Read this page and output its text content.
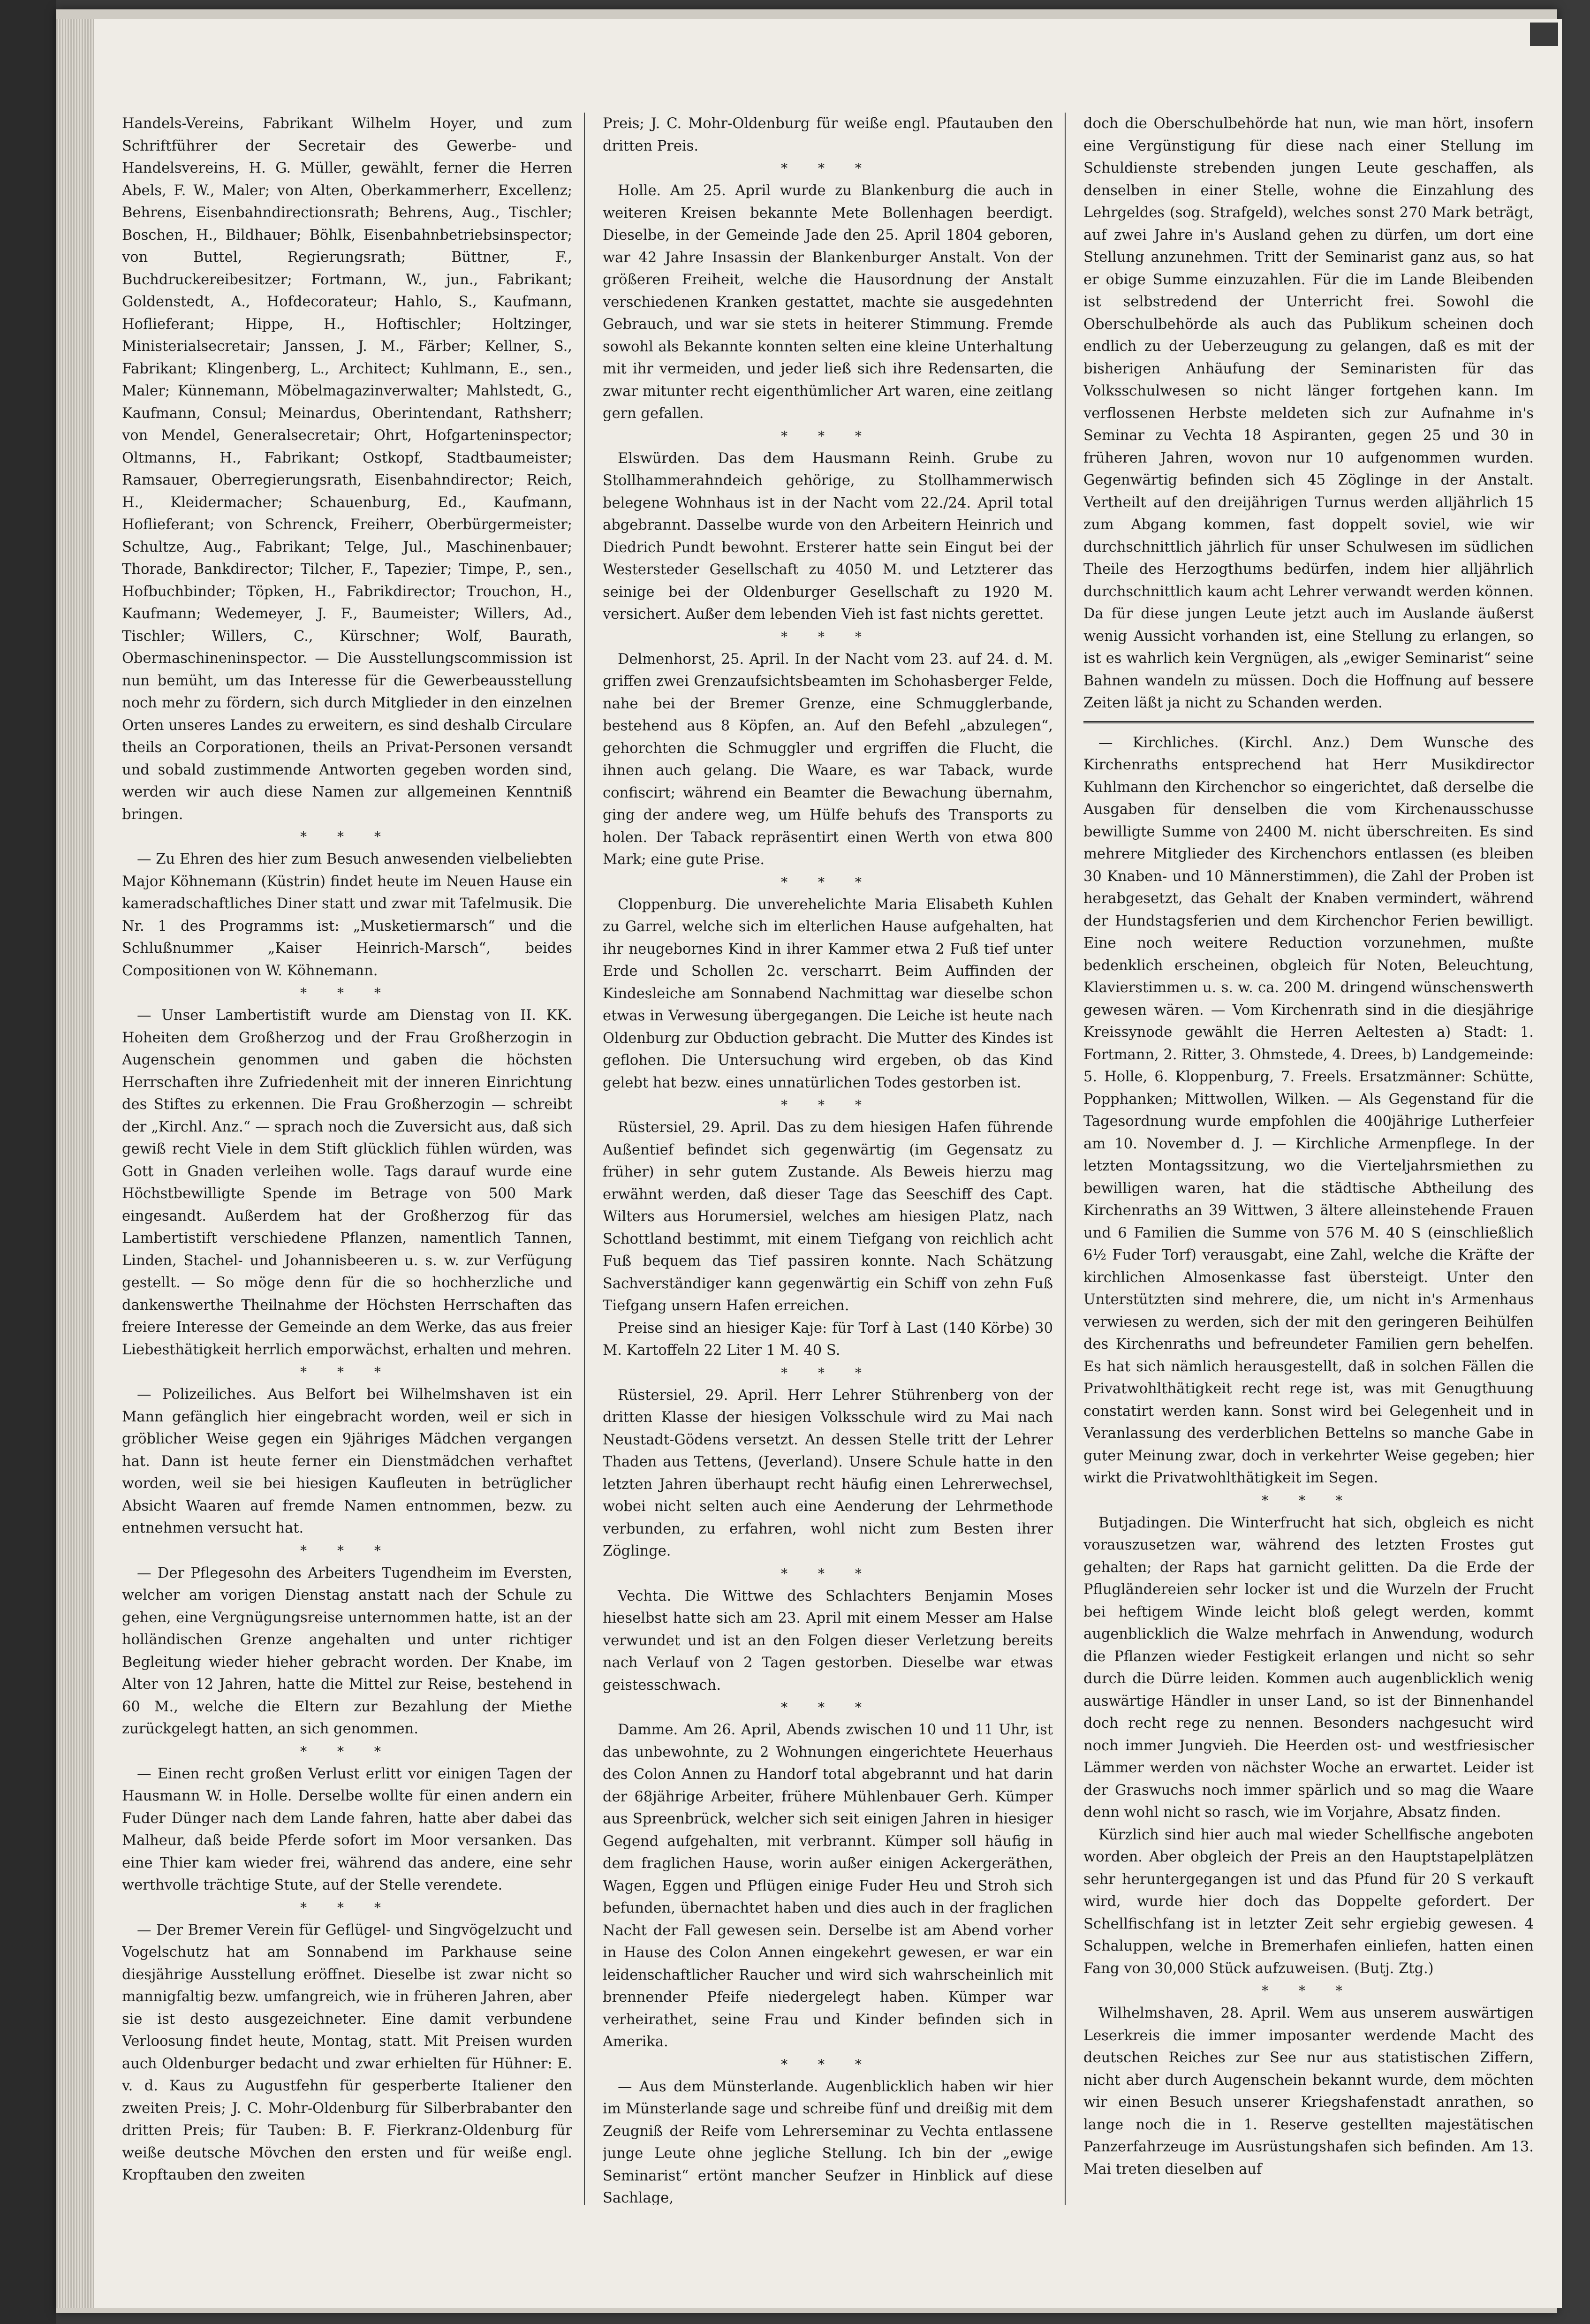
Handels-Vereins, Fabrikant Wilhelm Hoyer, und zum Schriftführer der Secretair des Gewerbe- und Handelsvereins, H. G. Müller, gewählt, ferner die Herren Abels, F. W., Maler; von Alten, Oberkammerherr, Excellenz; Behrens, Eisenbahndirectionsrath; Behrens, Aug., Tischler; Boschen, H., Bildhauer; Böhlk, Eisenbahnbetriebsinspector; von Buttel, Regierungsrath; Büttner, F., Buchdruckereibesitzer; Fortmann, W., jun., Fabrikant; Goldenstedt, A., Hofdecorateur; Hahlo, S., Kaufmann, Hoflieferant; Hippe, H., Hoftischler; Holtzinger, Ministerialsecretair; Janssen, J. M., Färber; Kellner, S., Fabrikant; Klingenberg, L., Architect; Kuhlmann, E., sen., Maler; Künnemann, Möbelmagazinverwalter; Mahlstedt, G., Kaufmann, Consul; Meinardus, Oberintendant, Rathsherr; von Mendel, Generalsecretair; Ohrt, Hofgarteninspector; Oltmanns, H., Fabrikant; Ostkopf, Stadtbaumeister; Ramsauer, Oberregierungsrath, Eisenbahndirector; Reich, H., Kleidermacher; Schauenburg, Ed., Kaufmann, Hoflieferant; von Schrenck, Freiherr, Oberbürgermeister; Schultze, Aug., Fabrikant; Telge, Jul., Maschinenbauer; Thorade, Bankdirector; Tilcher, F., Tapezier; Timpe, P., sen., Hofbuchbinder; Töpken, H., Fabrikdirector; Trouchon, H., Kaufmann; Wedemeyer, J. F., Baumeister; Willers, Ad., Tischler; Willers, C., Kürschner; Wolf, Baurath, Obermaschineninspector. — Die Ausstellungscommission ist nun bemüht, um das Interesse für die Gewerbeausstellung noch mehr zu fördern, sich durch Mitglieder in den einzelnen Orten unseres Landes zu erweitern, es sind deshalb Circulare theils an Corporationen, theils an Privat-Personen versandt und sobald zustimmende Antworten gegeben worden sind, werden wir auch diese Namen zur allgemeinen Kenntniß bringen.

* * *

— Zu Ehren des hier zum Besuch anwesenden vielbeliebten Major Köhnemann (Küstrin) findet heute im Neuen Hause ein kameradschaftliches Diner statt und zwar mit Tafelmusik. Die Nr. 1 des Programms ist: „Musketiermarsch“ und die Schlußnummer „Kaiser Heinrich-Marsch“, beides Compositionen von W. Köhnemann.

* * *

— Unser Lambertistift wurde am Dienstag von II. KK. Hoheiten dem Großherzog und der Frau Großherzogin in Augenschein genommen und gaben die höchsten Herrschaften ihre Zufriedenheit mit der inneren Einrichtung des Stiftes zu erkennen. Die Frau Großherzogin — schreibt der „Kirchl. Anz.“ — sprach noch die Zuversicht aus, daß sich gewiß recht Viele in dem Stift glücklich fühlen würden, was Gott in Gnaden verleihen wolle. Tags darauf wurde eine Höchstbewilligte Spende im Betrage von 500 Mark eingesandt. Außerdem hat der Großherzog für das Lambertistift verschiedene Pflanzen, namentlich Tannen, Linden, Stachel- und Johannisbeeren u. s. w. zur Verfügung gestellt. — So möge denn für die so hochherzliche und dankenswerthe Theilnahme der Höchsten Herrschaften das freiere Interesse der Gemeinde an dem Werke, das aus freier Liebesthätigkeit herrlich emporwächst, erhalten und mehren.

* * *

— Polizeiliches. Aus Belfort bei Wilhelmshaven ist ein Mann gefänglich hier eingebracht worden, weil er sich in gröblicher Weise gegen ein 9jähriges Mädchen vergangen hat. Dann ist heute ferner ein Dienstmädchen verhaftet worden, weil sie bei hiesigen Kaufleuten in betrüglicher Absicht Waaren auf fremde Namen entnommen, bezw. zu entnehmen versucht hat.

* * *

— Der Pflegesohn des Arbeiters Tugendheim im Eversten, welcher am vorigen Dienstag anstatt nach der Schule zu gehen, eine Vergnügungsreise unternommen hatte, ist an der holländischen Grenze angehalten und unter richtiger Begleitung wieder hieher gebracht worden. Der Knabe, im Alter von 12 Jahren, hatte die Mittel zur Reise, bestehend in 60 M., welche die Eltern zur Bezahlung der Miethe zurückgelegt hatten, an sich genommen.

* * *

— Einen recht großen Verlust erlitt vor einigen Tagen der Hausmann W. in Holle. Derselbe wollte für einen andern ein Fuder Dünger nach dem Lande fahren, hatte aber dabei das Malheur, daß beide Pferde sofort im Moor versanken. Das eine Thier kam wieder frei, während das andere, eine sehr werthvolle trächtige Stute, auf der Stelle verendete.

* * *

— Der Bremer Verein für Geflügel- und Singvögelzucht und Vogelschutz hat am Sonnabend im Parkhause seine diesjährige Ausstellung eröffnet. Dieselbe ist zwar nicht so mannigfaltig bezw. umfangreich, wie in früheren Jahren, aber sie ist desto ausgezeichneter. Eine damit verbundene Verloosung findet heute, Montag, statt. Mit Preisen wurden auch Oldenburger bedacht und zwar erhielten für Hühner: E. v. d. Kaus zu Augustfehn für gesperberte Italiener den zweiten Preis; J. C. Mohr-Oldenburg für Silberbrabanter den dritten Preis; für Tauben: B. F. Fierkranz-Oldenburg für weiße deutsche Mövchen den ersten und für weiße engl. Kropftauben den zweiten

Preis; J. C. Mohr-Oldenburg für weiße engl. Pfautauben den dritten Preis.

* * *

Holle. Am 25. April wurde zu Blankenburg die auch in weiteren Kreisen bekannte Mete Bollenhagen beerdigt. Dieselbe, in der Gemeinde Jade den 25. April 1804 geboren, war 42 Jahre Insassin der Blankenburger Anstalt. Von der größeren Freiheit, welche die Hausordnung der Anstalt verschiedenen Kranken gestattet, machte sie ausgedehnten Gebrauch, und war sie stets in heiterer Stimmung. Fremde sowohl als Bekannte konnten selten eine kleine Unterhaltung mit ihr vermeiden, und jeder ließ sich ihre Redensarten, die zwar mitunter recht eigenthümlicher Art waren, eine zeitlang gern gefallen.

* * *

Elswürden. Das dem Hausmann Reinh. Grube zu Stollhammerahndeich gehörige, zu Stollhammerwisch belegene Wohnhaus ist in der Nacht vom 22./24. April total abgebrannt. Dasselbe wurde von den Arbeitern Heinrich und Diedrich Pundt bewohnt. Ersterer hatte sein Eingut bei der Westersteder Gesellschaft zu 4050 M. und Letzterer das seinige bei der Oldenburger Gesellschaft zu 1920 M. versichert. Außer dem lebenden Vieh ist fast nichts gerettet.

* * *

Delmenhorst, 25. April. In der Nacht vom 23. auf 24. d. M. griffen zwei Grenzaufsichtsbeamten im Schohasberger Felde, nahe bei der Bremer Grenze, eine Schmugglerbande, bestehend aus 8 Köpfen, an. Auf den Befehl „abzulegen“, gehorchten die Schmuggler und ergriffen die Flucht, die ihnen auch gelang. Die Waare, es war Taback, wurde confiscirt; während ein Beamter die Bewachung übernahm, ging der andere weg, um Hülfe behufs des Transports zu holen. Der Taback repräsentirt einen Werth von etwa 800 Mark; eine gute Prise.

* * *

Cloppenburg. Die unverehelichte Maria Elisabeth Kuhlen zu Garrel, welche sich im elterlichen Hause aufgehalten, hat ihr neugebornes Kind in ihrer Kammer etwa 2 Fuß tief unter Erde und Schollen 2c. verscharrt. Beim Auffinden der Kindesleiche am Sonnabend Nachmittag war dieselbe schon etwas in Verwesung übergegangen. Die Leiche ist heute nach Oldenburg zur Obduction gebracht. Die Mutter des Kindes ist geflohen. Die Untersuchung wird ergeben, ob das Kind gelebt hat bezw. eines unnatürlichen Todes gestorben ist.

* * *

Rüstersiel, 29. April. Das zu dem hiesigen Hafen führende Außentief befindet sich gegenwärtig (im Gegensatz zu früher) in sehr gutem Zustande. Als Beweis hierzu mag erwähnt werden, daß dieser Tage das Seeschiff des Capt. Wilters aus Horumersiel, welches am hiesigen Platz, nach Schottland bestimmt, mit einem Tiefgang von reichlich acht Fuß bequem das Tief passiren konnte. Nach Schätzung Sachverständiger kann gegenwärtig ein Schiff von zehn Fuß Tiefgang unsern Hafen erreichen.

Preise sind an hiesiger Kaje: für Torf à Last (140 Körbe) 30 M. Kartoffeln 22 Liter 1 M. 40 S.

* * *

Rüstersiel, 29. April. Herr Lehrer Stührenberg von der dritten Klasse der hiesigen Volksschule wird zu Mai nach Neustadt-Gödens versetzt. An dessen Stelle tritt der Lehrer Thaden aus Tettens, (Jeverland). Unsere Schule hatte in den letzten Jahren überhaupt recht häufig einen Lehrerwechsel, wobei nicht selten auch eine Aenderung der Lehrmethode verbunden, zu erfahren, wohl nicht zum Besten ihrer Zöglinge.

* * *

Vechta. Die Wittwe des Schlachters Benjamin Moses hieselbst hatte sich am 23. April mit einem Messer am Halse verwundet und ist an den Folgen dieser Verletzung bereits nach Verlauf von 2 Tagen gestorben. Dieselbe war etwas geistesschwach.

* * *

Damme. Am 26. April, Abends zwischen 10 und 11 Uhr, ist das unbewohnte, zu 2 Wohnungen eingerichtete Heuerhaus des Colon Annen zu Handorf total abgebrannt und hat darin der 68jährige Arbeiter, frühere Mühlenbauer Gerh. Kümper aus Spreenbrück, welcher sich seit einigen Jahren in hiesiger Gegend aufgehalten, mit verbrannt. Kümper soll häufig in dem fraglichen Hause, worin außer einigen Ackergeräthen, Wagen, Eggen und Pflügen einige Fuder Heu und Stroh sich befunden, übernachtet haben und dies auch in der fraglichen Nacht der Fall gewesen sein. Derselbe ist am Abend vorher in Hause des Colon Annen eingekehrt gewesen, er war ein leidenschaftlicher Raucher und wird sich wahrscheinlich mit brennender Pfeife niedergelegt haben. Kümper war verheirathet, seine Frau und Kinder befinden sich in Amerika.

* * *

— Aus dem Münsterlande. Augenblicklich haben wir hier im Münsterlande sage und schreibe fünf und dreißig mit dem Zeugniß der Reife vom Lehrerseminar zu Vechta entlassene junge Leute ohne jegliche Stellung. Ich bin der „ewige Seminarist“ ertönt mancher Seufzer in Hinblick auf diese Sachlage,

doch die Oberschulbehörde hat nun, wie man hört, insofern eine Vergünstigung für diese nach einer Stellung im Schuldienste strebenden jungen Leute geschaffen, als denselben in einer Stelle, wohne die Einzahlung des Lehrgeldes (sog. Strafgeld), welches sonst 270 Mark beträgt, auf zwei Jahre in's Ausland gehen zu dürfen, um dort eine Stellung anzunehmen. Tritt der Seminarist ganz aus, so hat er obige Summe einzuzahlen. Für die im Lande Bleibenden ist selbstredend der Unterricht frei. Sowohl die Oberschulbehörde als auch das Publikum scheinen doch endlich zu der Ueberzeugung zu gelangen, daß es mit der bisherigen Anhäufung der Seminaristen für das Volksschulwesen so nicht länger fortgehen kann. Im verflossenen Herbste meldeten sich zur Aufnahme in's Seminar zu Vechta 18 Aspiranten, gegen 25 und 30 in früheren Jahren, wovon nur 10 aufgenommen wurden. Gegenwärtig befinden sich 45 Zöglinge in der Anstalt. Vertheilt auf den dreijährigen Turnus werden alljährlich 15 zum Abgang kommen, fast doppelt soviel, wie wir durchschnittlich jährlich für unser Schulwesen im südlichen Theile des Herzogthums bedürfen, indem hier alljährlich durchschnittlich kaum acht Lehrer verwandt werden können. Da für diese jungen Leute jetzt auch im Auslande äußerst wenig Aussicht vorhanden ist, eine Stellung zu erlangen, so ist es wahrlich kein Vergnügen, als „ewiger Seminarist“ seine Bahnen wandeln zu müssen. Doch die Hoffnung auf bessere Zeiten läßt ja nicht zu Schanden werden.

— Kirchliches. (Kirchl. Anz.) Dem Wunsche des Kirchenraths entsprechend hat Herr Musikdirector Kuhlmann den Kirchenchor so eingerichtet, daß derselbe die Ausgaben für denselben die vom Kirchenausschusse bewilligte Summe von 2400 M. nicht überschreiten. Es sind mehrere Mitglieder des Kirchenchors entlassen (es bleiben 30 Knaben- und 10 Männerstimmen), die Zahl der Proben ist herabgesetzt, das Gehalt der Knaben vermindert, während der Hundstagsferien und dem Kirchenchor Ferien bewilligt. Eine noch weitere Reduction vorzunehmen, mußte bedenklich erscheinen, obgleich für Noten, Beleuchtung, Klavierstimmen u. s. w. ca. 200 M. dringend wünschenswerth gewesen wären. — Vom Kirchenrath sind in die diesjährige Kreissynode gewählt die Herren Aeltesten a) Stadt: 1. Fortmann, 2. Ritter, 3. Ohmstede, 4. Drees, b) Landgemeinde: 5. Holle, 6. Kloppenburg, 7. Freels. Ersatzmänner: Schütte, Popphanken; Mittwollen, Wilken. — Als Gegenstand für die Tagesordnung wurde empfohlen die 400jährige Lutherfeier am 10. November d. J. — Kirchliche Armenpflege. In der letzten Montagssitzung, wo die Vierteljahrsmiethen zu bewilligen waren, hat die städtische Abtheilung des Kirchenraths an 39 Wittwen, 3 ältere alleinstehende Frauen und 6 Familien die Summe von 576 M. 40 S (einschließlich 6½ Fuder Torf) verausgabt, eine Zahl, welche die Kräfte der kirchlichen Almosenkasse fast übersteigt. Unter den Unterstützten sind mehrere, die, um nicht in's Armenhaus verwiesen zu werden, sich der mit den geringeren Beihülfen des Kirchenraths und befreundeter Familien gern behelfen. Es hat sich nämlich herausgestellt, daß in solchen Fällen die Privatwohlthätigkeit recht rege ist, was mit Genugthuung constatirt werden kann. Sonst wird bei Gelegenheit und in Veranlassung des verderblichen Bettelns so manche Gabe in guter Meinung zwar, doch in verkehrter Weise gegeben; hier wirkt die Privatwohlthätigkeit im Segen.

* * *

Butjadingen. Die Winterfrucht hat sich, obgleich es nicht vorauszusetzen war, während des letzten Frostes gut gehalten; der Raps hat garnicht gelitten. Da die Erde der Pflugländereien sehr locker ist und die Wurzeln der Frucht bei heftigem Winde leicht bloß gelegt werden, kommt augenblicklich die Walze mehrfach in Anwendung, wodurch die Pflanzen wieder Festigkeit erlangen und nicht so sehr durch die Dürre leiden. Kommen auch augenblicklich wenig auswärtige Händler in unser Land, so ist der Binnenhandel doch recht rege zu nennen. Besonders nachgesucht wird noch immer Jungvieh. Die Heerden ost- und westfriesischer Lämmer werden von nächster Woche an erwartet. Leider ist der Graswuchs noch immer spärlich und so mag die Waare denn wohl nicht so rasch, wie im Vorjahre, Absatz finden.

Kürzlich sind hier auch mal wieder Schellfische angeboten worden. Aber obgleich der Preis an den Hauptstapelplätzen sehr heruntergegangen ist und das Pfund für 20 S verkauft wird, wurde hier doch das Doppelte gefordert. Der Schellfischfang ist in letzter Zeit sehr ergiebig gewesen. 4 Schaluppen, welche in Bremerhafen einliefen, hatten einen Fang von 30,000 Stück aufzuweisen. (Butj. Ztg.)

* * *

Wilhelmshaven, 28. April. Wem aus unserem auswärtigen Leserkreis die immer imposanter werdende Macht des deutschen Reiches zur See nur aus statistischen Ziffern, nicht aber durch Augenschein bekannt wurde, dem möchten wir einen Besuch unserer Kriegshafenstadt anrathen, so lange noch die in 1. Reserve gestellten majestätischen Panzerfahrzeuge im Ausrüstungshafen sich befinden. Am 13. Mai treten dieselben auf
